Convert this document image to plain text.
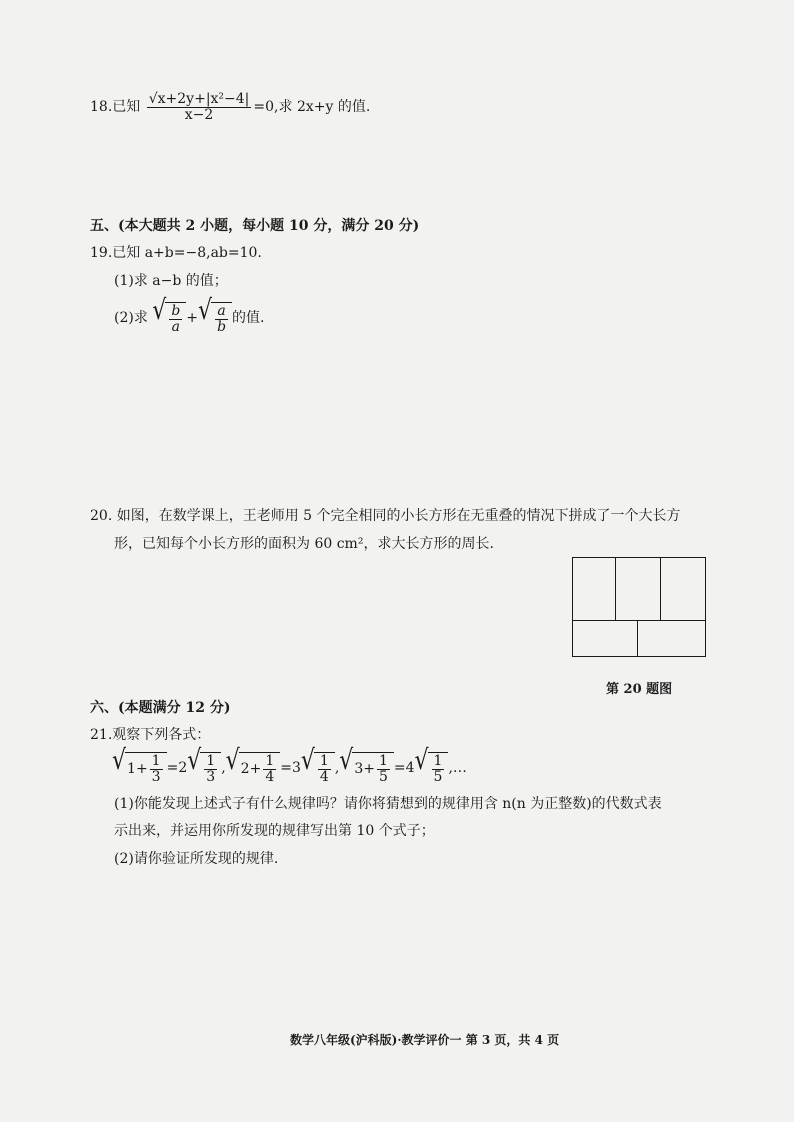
18.已知 $\frac{\text{√x+2y+|x²−4|}}{x-2} =0$,求 2x+y 的值.
五、(本大题共 2 小题，每小题 10 分，满分 20 分)
19.已知 a+b=−8,ab=10.
(1)求 a−b 的值；
(2)求 √ $\frac{b}{a}$ + √ $\frac{a}{b}$ 的值.
20. 如图，在数学课上，王老师用 5 个完全相同的小长方形在无重叠的情况下拼成了一个大长方
形，已知每个小长方形的面积为 60 cm²，求大长方形的周长.
第 20 题图
六、(本题满分 12 分)
21.观察下列各式：
√ $1+ \frac{1}{3} =2$ √ $\frac{1}{3}$ , √ $2+ \frac{1}{4} =3$ √ $\frac{1}{4}$ , √ $3+ \frac{1}{5} =4$ √ $\frac{1}{5}$ ,…
(1)你能发现上述式子有什么规律吗？请你将猜想到的规律用含 n(n 为正整数)的代数式表
示出来，并运用你所发现的规律写出第 10 个式子；
(2)请你验证所发现的规律.
数学八年级(沪科版)·教学评价一 第 3 页，共 4 页
